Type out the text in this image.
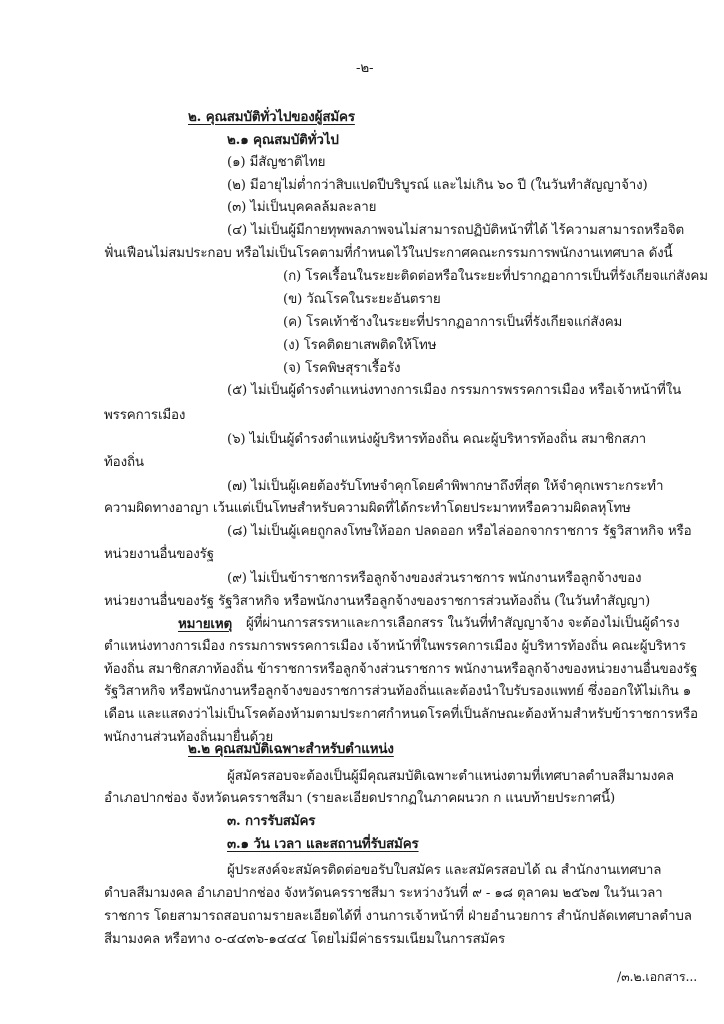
-๒-
๒. คุณสมบัติทั่วไปของผู้สมัคร
๒.๑ คุณสมบัติทั่วไป
(๑) มีสัญชาติไทย
(๒) มีอายุไม่ต่ำกว่าสิบแปดปีบริบูรณ์ และไม่เกิน ๖๐ ปี (ในวันทำสัญญาจ้าง)
(๓) ไม่เป็นบุคคลล้มละลาย
(๔) ไม่เป็นผู้มีกายทุพพลภาพจนไม่สามารถปฏิบัติหน้าที่ได้ ไร้ความสามารถหรือจิต
ฟั่นเฟือนไม่สมประกอบ หรือไม่เป็นโรคตามที่กำหนดไว้ในประกาศคณะกรรมการพนักงานเทศบาล ดังนี้
(ก) โรคเรื้อนในระยะติดต่อหรือในระยะที่ปรากฏอาการเป็นที่รังเกียจแก่สังคม
(ข) วัณโรคในระยะอันตราย
(ค) โรคเท้าช้างในระยะที่ปรากฏอาการเป็นที่รังเกียจแก่สังคม
(ง) โรคติดยาเสพติดให้โทษ
(จ) โรคพิษสุราเรื้อรัง
(๕) ไม่เป็นผู้ดำรงตำแหน่งทางการเมือง กรรมการพรรคการเมือง หรือเจ้าหน้าที่ใน
พรรคการเมือง
(๖) ไม่เป็นผู้ดำรงตำแหน่งผู้บริหารท้องถิ่น คณะผู้บริหารท้องถิ่น สมาชิกสภา
ท้องถิ่น
(๗) ไม่เป็นผู้เคยต้องรับโทษจำคุกโดยคำพิพากษาถึงที่สุด ให้จำคุกเพราะกระทำ
ความผิดทางอาญา เว้นแต่เป็นโทษสำหรับความผิดที่ได้กระทำโดยประมาทหรือความผิดลหุโทษ
(๘) ไม่เป็นผู้เคยถูกลงโทษให้ออก ปลดออก หรือไล่ออกจากราชการ รัฐวิสาหกิจ หรือ
หน่วยงานอื่นของรัฐ
(๙) ไม่เป็นข้าราชการหรือลูกจ้างของส่วนราชการ พนักงานหรือลูกจ้างของ
หน่วยงานอื่นของรัฐ รัฐวิสาหกิจ หรือพนักงานหรือลูกจ้างของราชการส่วนท้องถิ่น (ในวันทำสัญญา)
หมายเหตุ ผู้ที่ผ่านการสรรหาและการเลือกสรร ในวันที่ทำสัญญาจ้าง จะต้องไม่เป็นผู้ดำรง
ตำแหน่งทางการเมือง กรรมการพรรคการเมือง เจ้าหน้าที่ในพรรคการเมือง ผู้บริหารท้องถิ่น คณะผู้บริหาร
ท้องถิ่น สมาชิกสภาท้องถิ่น ข้าราชการหรือลูกจ้างส่วนราชการ พนักงานหรือลูกจ้างของหน่วยงานอื่นของรัฐ
รัฐวิสาหกิจ หรือพนักงานหรือลูกจ้างของราชการส่วนท้องถิ่นและต้องนำใบรับรองแพทย์ ซึ่งออกให้ไม่เกิน ๑
เดือน และแสดงว่าไม่เป็นโรคต้องห้ามตามประกาศกำหนดโรคที่เป็นลักษณะต้องห้ามสำหรับข้าราชการหรือ
พนักงานส่วนท้องถิ่นมายื่นด้วย
๒.๒ คุณสมบัติเฉพาะสำหรับตำแหน่ง
ผู้สมัครสอบจะต้องเป็นผู้มีคุณสมบัติเฉพาะตำแหน่งตามที่เทศบาลตำบลสีมามงคล
อำเภอปากช่อง จังหวัดนครราชสีมา (รายละเอียดปรากฏในภาคผนวก ก แนบท้ายประกาศนี้)
๓. การรับสมัคร
๓.๑ วัน เวลา และสถานที่รับสมัคร
ผู้ประสงค์จะสมัครติดต่อขอรับใบสมัคร และสมัครสอบได้ ณ สำนักงานเทศบาล
ตำบลสีมามงคล อำเภอปากช่อง จังหวัดนครราชสีมา ระหว่างวันที่ ๙ - ๑๘ ตุลาคม ๒๕๖๗ ในวันเวลา
ราชการ โดยสามารถสอบถามรายละเอียดได้ที่ งานการเจ้าหน้าที่ ฝ่ายอำนวยการ สำนักปลัดเทศบาลตำบล
สีมามงคล หรือทาง ๐-๔๔๓๖-๑๔๔๔ โดยไม่มีค่าธรรมเนียมในการสมัคร
/๓.๒.เอกสาร...
